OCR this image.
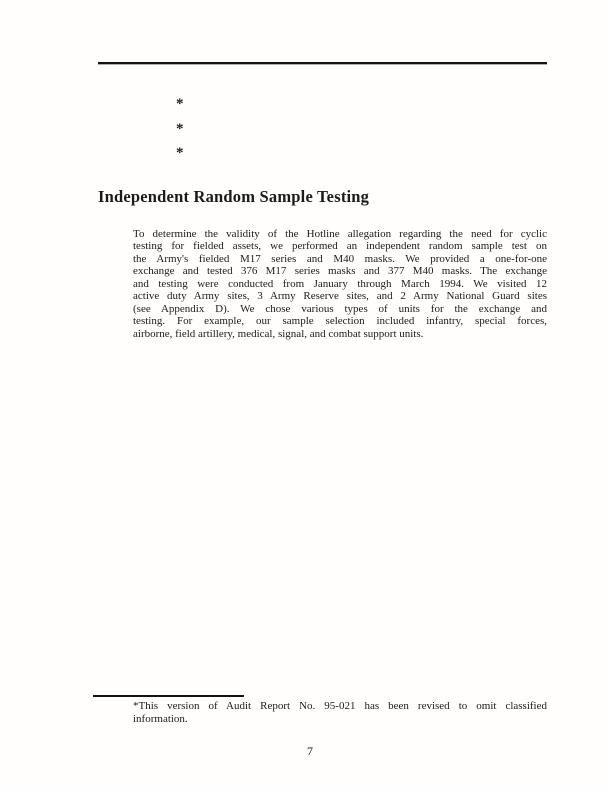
*
*
*
Independent Random Sample Testing
To determine the validity of the Hotline allegation regarding the need for cyclic
testing for fielded assets, we performed an independent random sample test on
the Army's fielded M17 series and M40 masks. We provided a one-for-one
exchange and tested 376 M17 series masks and 377 M40 masks. The exchange
and testing were conducted from January through March 1994. We visited 12
active duty Army sites, 3 Army Reserve sites, and 2 Army National Guard sites
(see Appendix D). We chose various types of units for the exchange and
testing. For example, our sample selection included infantry, special forces,
airborne, field artillery, medical, signal, and combat support units.
*This version of Audit Report No. 95-021 has been revised to omit classified
information.
7
